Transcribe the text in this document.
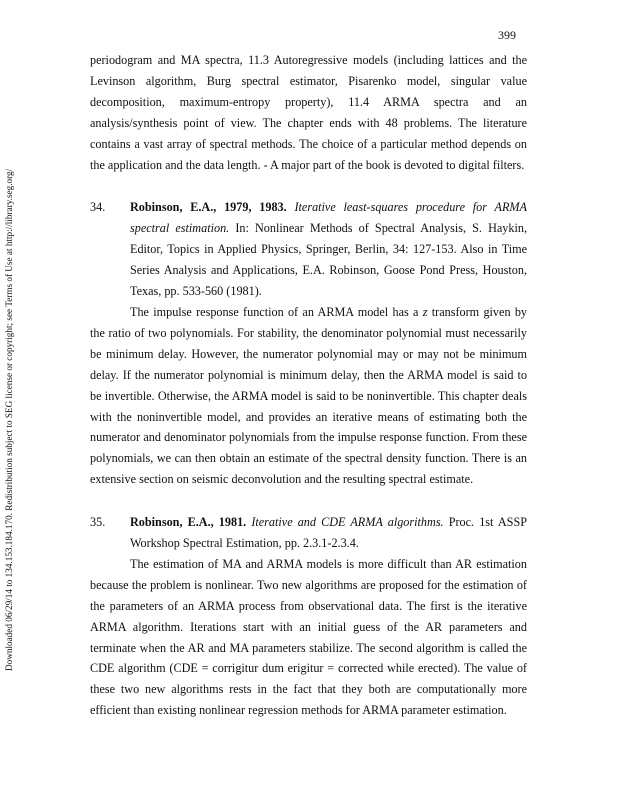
399
Downloaded 06/29/14 to 134.153.184.170. Redistribution subject to SEG license or copyright; see Terms of Use at http://library.seg.org/

periodogram and MA spectra, 11.3 Autoregressive models (including lattices and the Levinson algorithm, Burg spectral estimator, Pisarenko model, singular value decomposition, maximum-entropy property), 11.4 ARMA spectra and an analysis/synthesis point of view. The chapter ends with 48 problems. The literature contains a vast array of spectral methods. The choice of a particular method depends on the application and the data length. - A major part of the book is devoted to digital filters.

34.	Robinson, E.A., 1979, 1983. Iterative least-squares procedure for ARMA spectral estimation. In: Nonlinear Methods of Spectral Analysis, S. Haykin, Editor, Topics in Applied Physics, Springer, Berlin, 34: 127-153. Also in Time Series Analysis and Applications, E.A. Robinson, Goose Pond Press, Houston, Texas, pp. 533-560 (1981).

The impulse response function of an ARMA model has a z transform given by the ratio of two polynomials. For stability, the denominator polynomial must necessarily be minimum delay. However, the numerator polynomial may or may not be minimum delay. If the numerator polynomial is minimum delay, then the ARMA model is said to be invertible. Otherwise, the ARMA model is said to be noninvertible. This chapter deals with the noninvertible model, and provides an iterative means of estimating both the numerator and denominator polynomials from the impulse response function. From these polynomials, we can then obtain an estimate of the spectral density function. There is an extensive section on seismic deconvolution and the resulting spectral estimate.

35.	Robinson, E.A., 1981. Iterative and CDE ARMA algorithms. Proc. 1st ASSP Workshop Spectral Estimation, pp. 2.3.1-2.3.4.

The estimation of MA and ARMA models is more difficult than AR estimation because the problem is nonlinear. Two new algorithms are proposed for the estimation of the parameters of an ARMA process from observational data. The first is the iterative ARMA algorithm. Iterations start with an initial guess of the AR parameters and terminate when the AR and MA parameters stabilize. The second algorithm is called the CDE algorithm (CDE = corrigitur dum erigitur = corrected while erected). The value of these two new algorithms rests in the fact that they both are computationally more efficient than existing nonlinear regression methods for ARMA parameter estimation.
